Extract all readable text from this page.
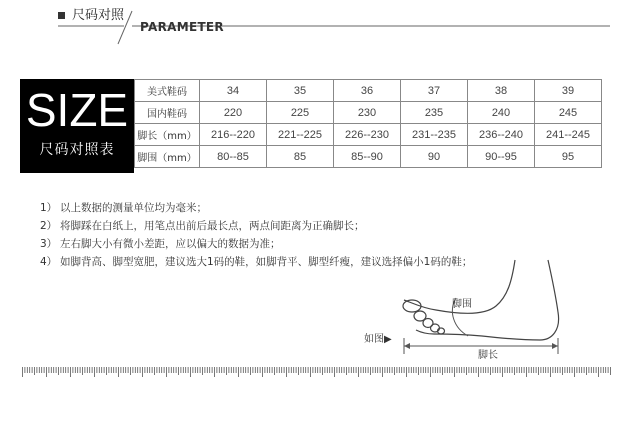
尺码对照
PARAMETER
SIZE
尺码对照表
美式鞋码	34	35	36	37	38	39
国内鞋码	220	225	230	235	240	245
脚长（mm）	216--220	221--225	226--230	231--235	236--240	241--245
脚围（mm）	80--85	85	85--90	90	90--95	95
1） 以上数据的测量单位均为毫米；
2） 将脚踩在白纸上，用笔点出前后最长点，两点间距离为正确脚长；
3） 左右脚大小有微小差距，应以偏大的数据为准；
4） 如脚背高、脚型宽肥，建议选大1码的鞋，如脚背平、脚型纤瘦，建议选择偏小1码的鞋；
脚围
脚长
如图▶
